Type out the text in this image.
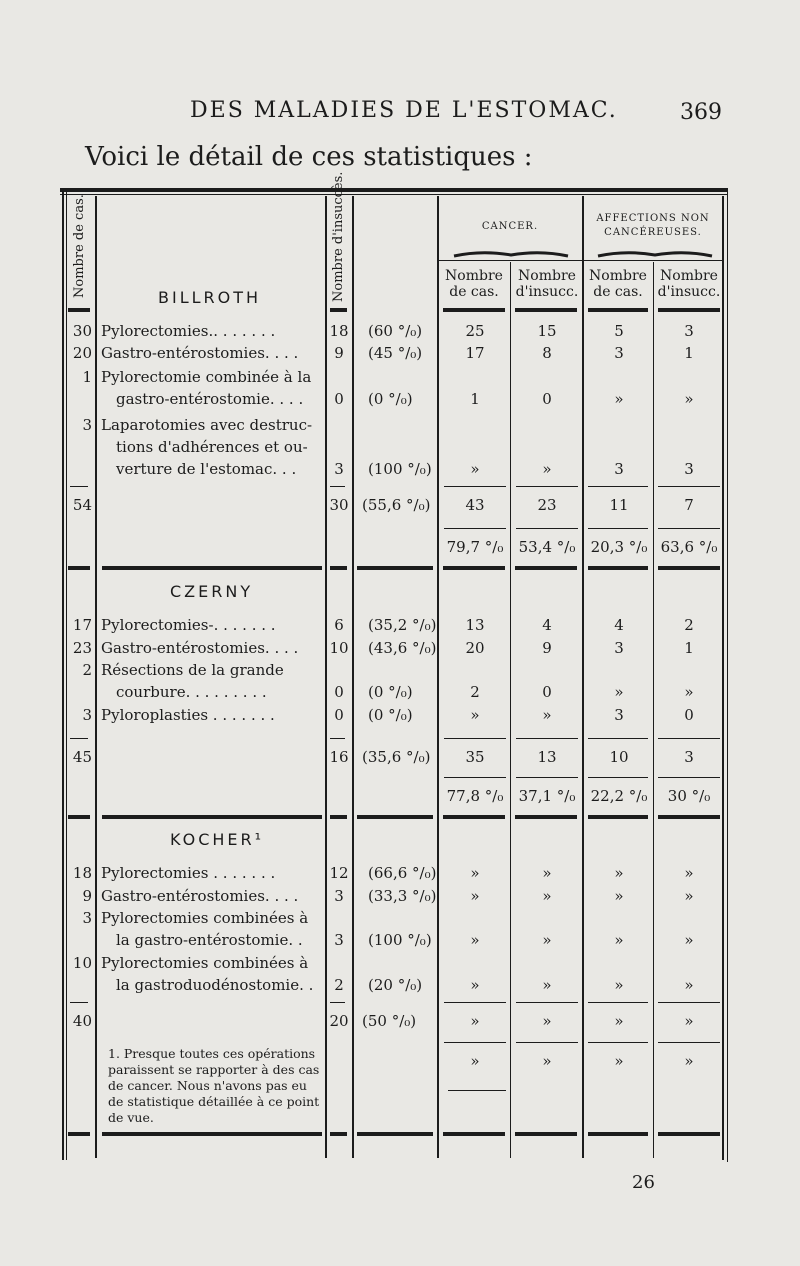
DES MALADIES DE L'ESTOMAC.	369
Voici le détail de ces statistiques :
Nombre de cas.	Nombre d'insuccès.	CANCER.
AFFECTIONS NON CANCÉREUSES.
Nombre de cas.
Nombre d'insucc.
Nombre de cas.
Nombre d'insucc.
BILLROTH
30 Pylorectomies.. . . . . . .	18 (60 °/₀)	25	15	5	3
20 Gastro-entérostomies. . . .	9	(45 °/₀)	17	8	3	1
1 Pylorectomie combinée à la
gastro-entérostomie. . . .	0	(0 °/₀)	1	0	»	»
3 Laparotomies avec destruc-
tions d'adhérences et ou-
verture de l'estomac. . .	3	(100 °/₀)	»	»	3	3
54	30 (55,6 °/₀)	43	23	11	7
79,7 °/₀	53,4 °/₀	20,3 °/₀ 63,6 °/₀
CZERNY
17 Pylorectomies-. . . . . . .	6	(35,2 °/₀)	13	4	4	2
23 Gastro-entérostomies. . . . 10 (43,6 °/₀)	20	9	3	1
2 Résections de la grande
courbure. . . . . . . . .	0	(0 °/₀)	2	0	»	»
3 Pyloroplasties . . . . . . .	0	(0 °/₀)	»	»	3	0
45	16 (35,6 °/₀)	35	13	10	3
77,8 °/₀	37,1 °/₀	22,2 °/₀	30 °/₀
KOCHER¹
18 Pylorectomies . . . . . . .	12 (66,6 °/₀)	»	»	»	»
9 Gastro-entérostomies. . . .	3	(33,3 °/₀)	»	»	»	»
3 Pylorectomies combinées à
la gastro-entérostomie. .	3	(100 °/₀)	»	»	»	»
10 Pylorectomies combinées à
la gastroduodénostomie. .	2	(20 °/₀)	»	»	»	»
40	20 (50 °/₀)	»	»	»	»
»	»	»	»
1. Presque toutes ces opérations paraissent se rapporter à des cas de cancer. Nous n'avons pas eu de statistique détaillée à ce point de vue.
26
